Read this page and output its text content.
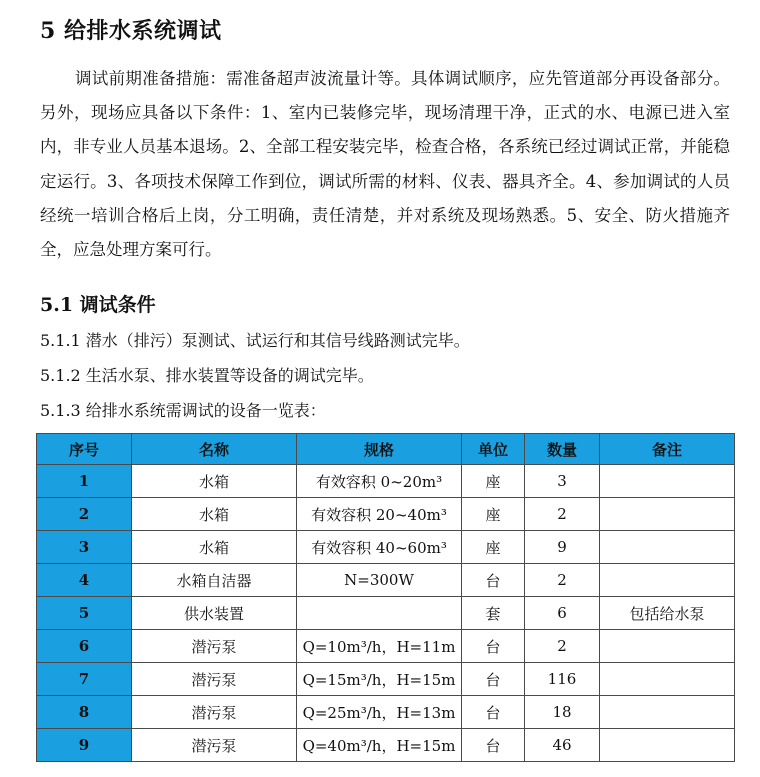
5 给排水系统调试
调试前期准备措施：需准备超声波流量计等。具体调试顺序，应先管道部分再设备部分。另外，现场应具备以下条件：1、室内已装修完毕，现场清理干净，正式的水、电源已进入室内，非专业人员基本退场。2、全部工程安装完毕，检查合格，各系统已经过调试正常，并能稳定运行。3、各项技术保障工作到位，调试所需的材料、仪表、器具齐全。4、参加调试的人员经统一培训合格后上岗，分工明确，责任清楚，并对系统及现场熟悉。5、安全、防火措施齐全，应急处理方案可行。
5.1 调试条件
5.1.1 潜水（排污）泵测试、试运行和其信号线路测试完毕。
5.1.2 生活水泵、排水装置等设备的调试完毕。
5.1.3 给排水系统需调试的设备一览表：
序号	名称	规格	单位	数量	备注
1	水箱	有效容积 0~20m³	座	3	
2	水箱	有效容积 20~40m³	座	2	
3	水箱	有效容积 40~60m³	座	9	
4	水箱自洁器	N=300W	台	2	
5	供水装置		套	6	包括给水泵
6	潜污泵	Q=10m³/h，H=11m	台	2	
7	潜污泵	Q=15m³/h，H=15m	台	116	
8	潜污泵	Q=25m³/h，H=13m	台	18	
9	潜污泵	Q=40m³/h，H=15m	台	46	
